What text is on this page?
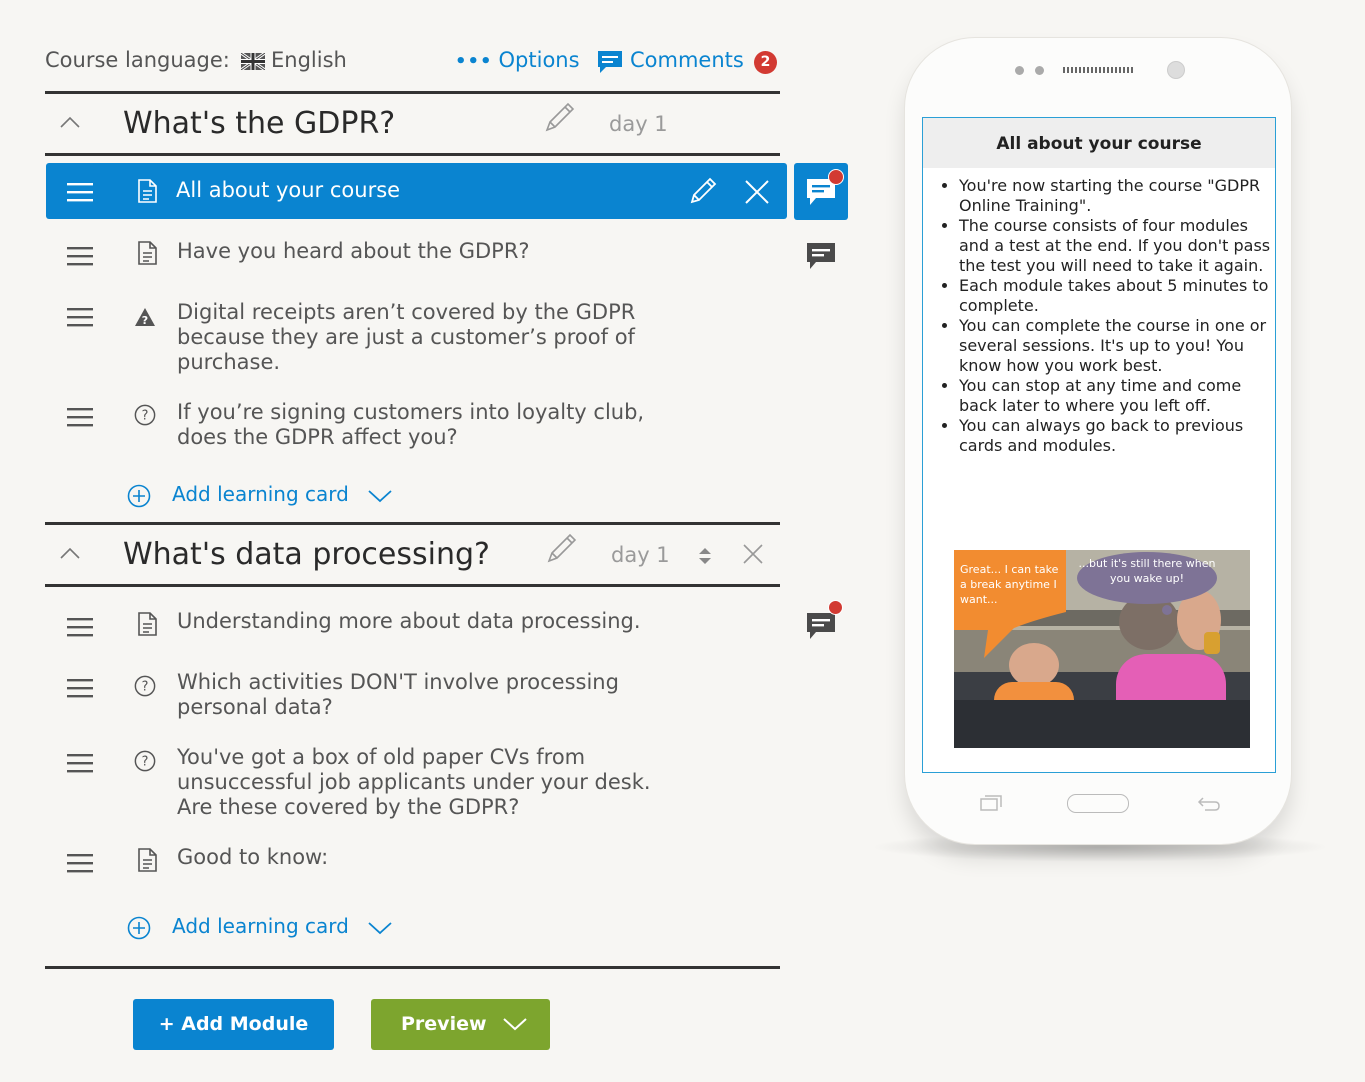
Course language: English	••• Options Comments	2
What's the GDPR?	day 1
All about your course
Have you heard about the GDPR?
? Digital receipts aren’t covered by the GDPR because they are just a customer’s proof of purchase.
? If you’re signing customers into loyalty club, does the GDPR affect you?
Add learning card
What's data processing?	day 1
Understanding more about data processing.
? Which activities DON'T involve processing personal data?
? You've got a box of old paper CVs from unsuccessful job applicants under your desk. Are these covered by the GDPR?
Good to know:
Add learning card
+ Add Module	Preview
All about your course
• You're now starting the course "GDPR Online Training".
• The course consists of four modules and a test at the end. If you don't pass the test you will need to take it again.
• Each module takes about 5 minutes to complete.
• You can complete the course in one or several sessions. It's up to you! You know how you work best.
• You can stop at any time and come back later to where you left off.
• You can always go back to previous cards and modules.
Great... I can take a break anytime I want...
...but it's still there when you wake up!
